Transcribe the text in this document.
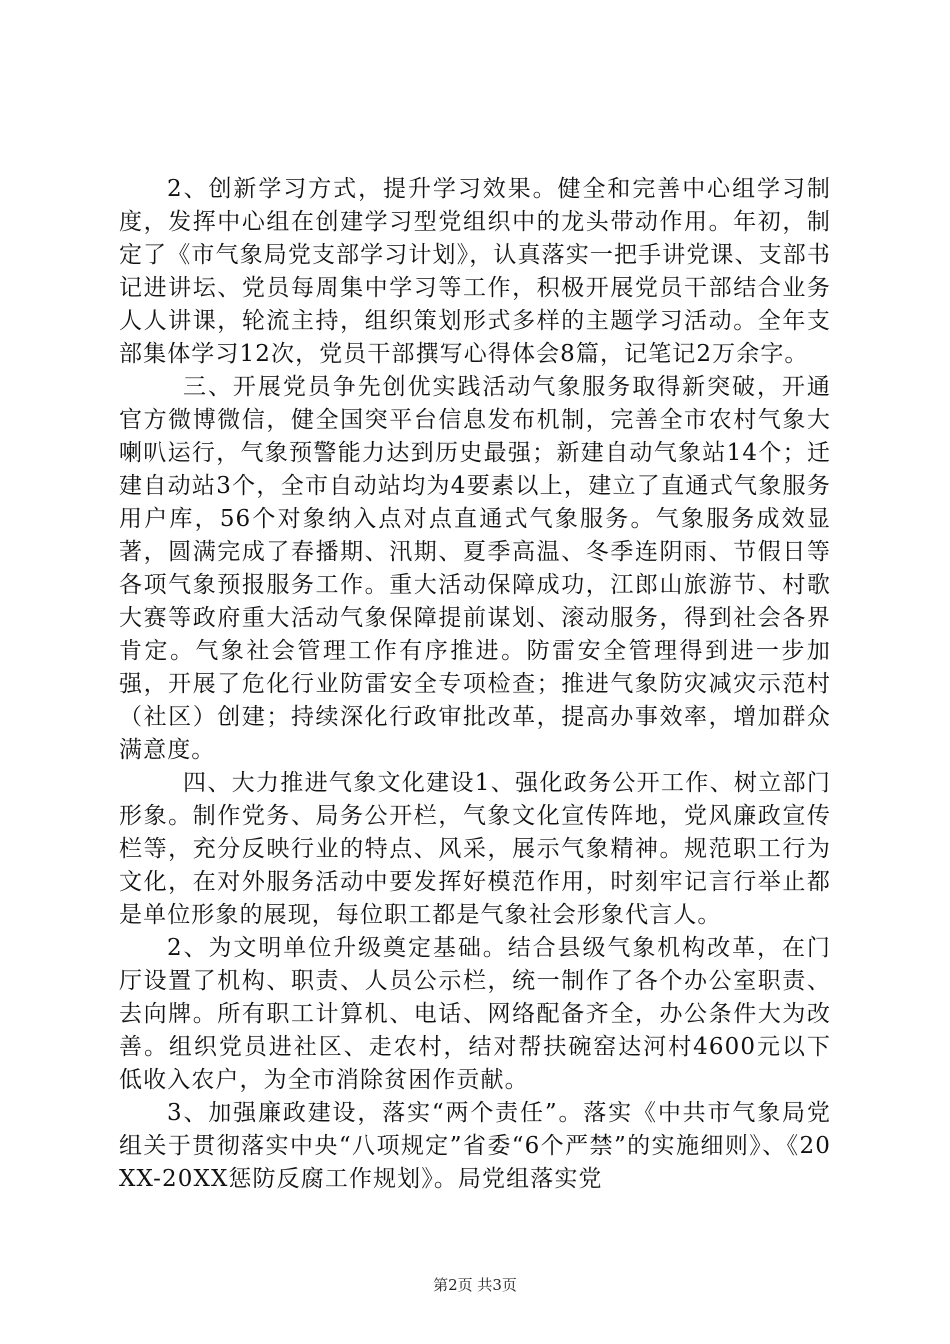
2、创新学习方式，提升学习效果。健全和完善中心组学习制度，发挥中心组在创建学习型党组织中的龙头带动作用。年初，制定了《市气象局党支部学习计划》，认真落实一把手讲党课、支部书记进讲坛、党员每周集中学习等工作，积极开展党员干部结合业务人人讲课，轮流主持，组织策划形式多样的主题学习活动。全年支部集体学习12次，党员干部撰写心得体会8篇，记笔记2万余字。

三、开展党员争先创优实践活动气象服务取得新突破，开通官方微博微信，健全国突平台信息发布机制，完善全市农村气象大喇叭运行，气象预警能力达到历史最强；新建自动气象站14个；迁建自动站3个，全市自动站均为4要素以上，建立了直通式气象服务用户库，56个对象纳入点对点直通式气象服务。气象服务成效显著，圆满完成了春播期、汛期、夏季高温、冬季连阴雨、节假日等各项气象预报服务工作。重大活动保障成功，江郎山旅游节、村歌大赛等政府重大活动气象保障提前谋划、滚动服务，得到社会各界肯定。气象社会管理工作有序推进。防雷安全管理得到进一步加强，开展了危化行业防雷安全专项检查；推进气象防灾减灾示范村（社区）创建；持续深化行政审批改革，提高办事效率，增加群众满意度。

四、大力推进气象文化建设1、强化政务公开工作、树立部门形象。制作党务、局务公开栏，气象文化宣传阵地，党风廉政宣传栏等，充分反映行业的特点、风采，展示气象精神。规范职工行为文化，在对外服务活动中要发挥好模范作用，时刻牢记言行举止都是单位形象的展现，每位职工都是气象社会形象代言人。

2、为文明单位升级奠定基础。结合县级气象机构改革，在门厅设置了机构、职责、人员公示栏，统一制作了各个办公室职责、去向牌。所有职工计算机、电话、网络配备齐全，办公条件大为改善。组织党员进社区、走农村，结对帮扶碗窑达河村4600元以下低收入农户，为全市消除贫困作贡献。

3、加强廉政建设，落实“两个责任”。落实《中共市气象局党组关于贯彻落实中央“八项规定”省委“6个严禁”的实施细则》、《20XX-20XX惩防反腐工作规划》。局党组落实党

第2页 共3页
